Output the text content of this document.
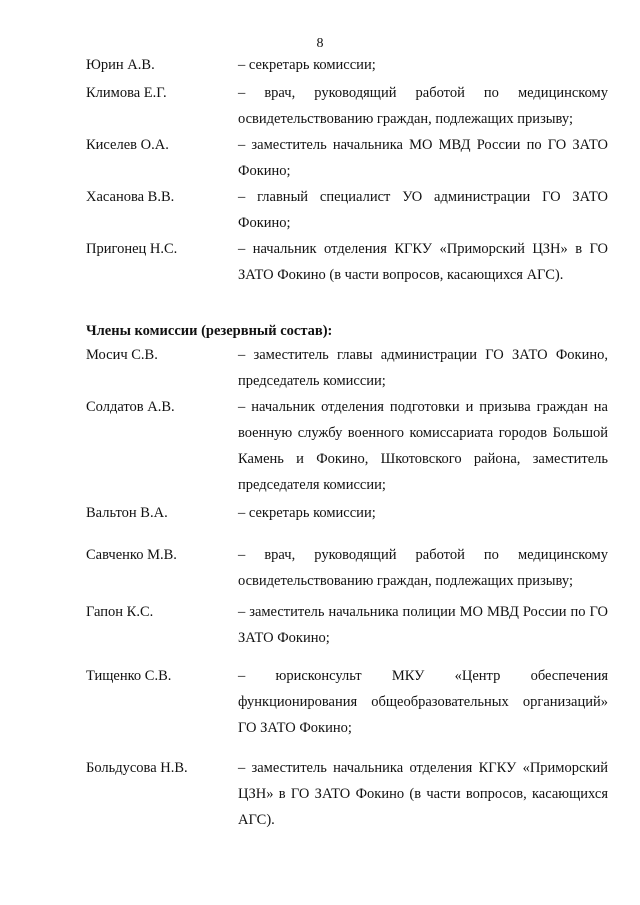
8
Юрин А.В.	– секретарь комиссии;
Климова Е.Г.	– врач, руководящий работой по медицинскому освидетельствованию граждан, подлежащих призыву;
Киселев О.А.	– заместитель начальника МО МВД России по ГО ЗАТО Фокино;
Хасанова В.В.	– главный специалист УО администрации ГО ЗАТО Фокино;
Пригонец Н.С.	– начальник отделения КГКУ «Приморский ЦЗН» в ГО ЗАТО Фокино (в части вопросов, касающихся АГС).
Члены комиссии (резервный состав):
Мосич С.В.	– заместитель главы администрации ГО ЗАТО Фокино, председатель комиссии;
Солдатов А.В.	– начальник отделения подготовки и призыва граждан на военную службу военного комиссариата городов Большой Камень и Фокино, Шкотовского района, заместитель председателя комиссии;
Вальтон В.А.	– секретарь комиссии;
Савченко М.В.	– врач, руководящий работой по медицинскому освидетельствованию граждан, подлежащих призыву;
Гапон К.С.	– заместитель начальника полиции МО МВД России по ГО ЗАТО Фокино;
Тищенко С.В.	– юрисконсульт МКУ «Центр обеспечения функционирования общеобразовательных организаций» ГО ЗАТО Фокино;
Больдусова Н.В.	– заместитель начальника отделения КГКУ «Приморский ЦЗН» в ГО ЗАТО Фокино (в части вопросов, касающихся АГС).
